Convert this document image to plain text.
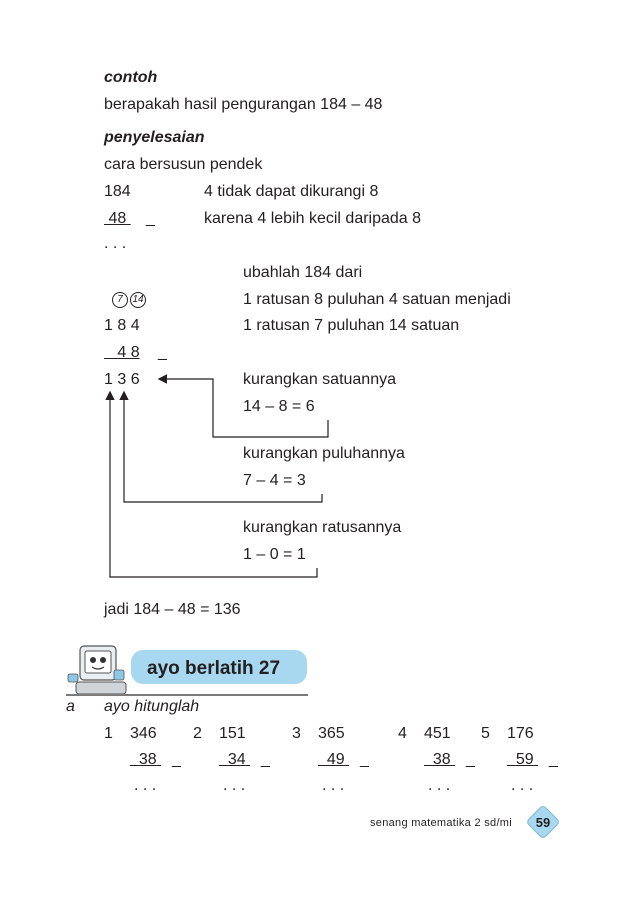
contoh
berapakah hasil pengurangan 184 – 48
penyelesaian
cara bersusun pendek
184	4 tidak dapat dikurangi 8
48 _	karena 4 lebih kecil daripada 8
. . .
ubahlah 184 dari
7 14	1 ratusan 8 puluhan 4 satuan menjadi
1 8 4	1 ratusan 7 puluhan 14 satuan
4 8 _
1 3 6	kurangkan satuannya
14 – 8 = 6
kurangkan puluhannya
7 – 4 = 3
kurangkan ratusannya
1 – 0 = 1
jadi 184 – 48 = 136
ayo berlatih 27
a ayo hitunglah
1 346
38 _
. . .
2 151
34 _
. . .
3 365
49 _
. . .
4 451
38 _
. . .
5 176
59 _
. . .
senang matematika 2 sd/mi	59
